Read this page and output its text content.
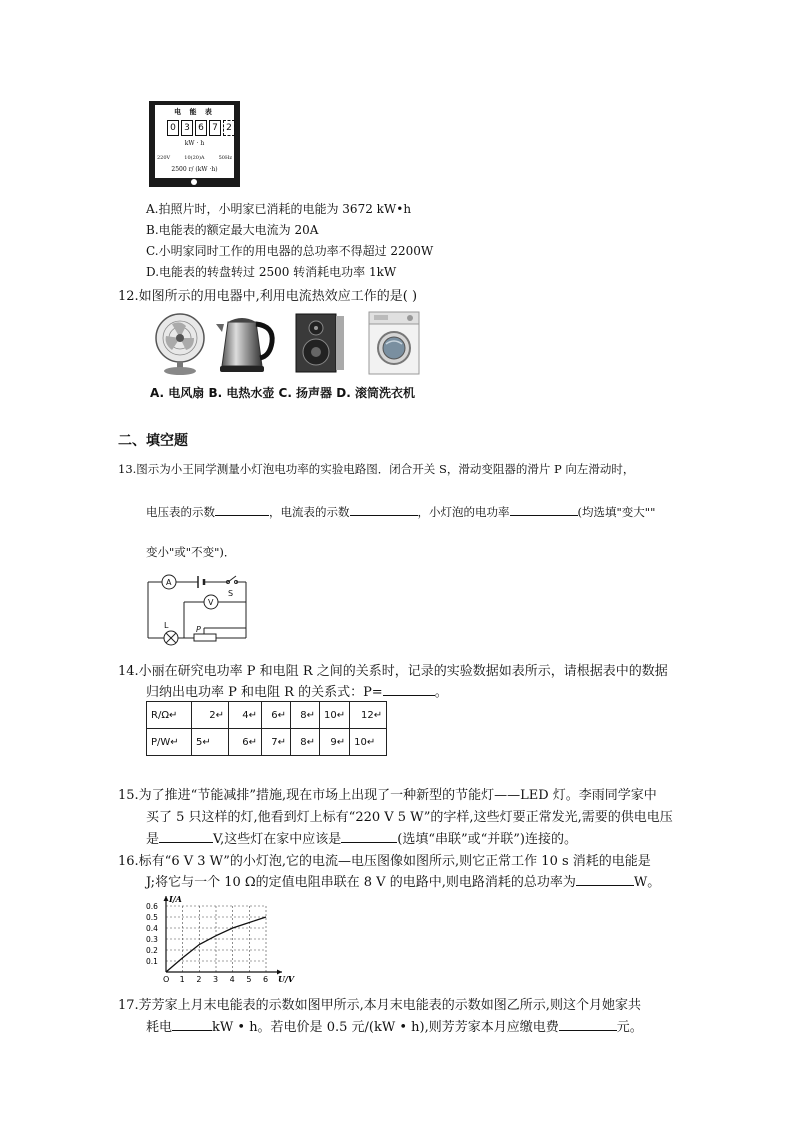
电 能 表
0 3 6 7 2
kW · h
220V	10(20)A	50Hz
2500 r/ (kW ·h)
A.拍照片时，小明家已消耗的电能为 3672 kW•h
B.电能表的额定最大电流为 20A
C.小明家同时工作的用电器的总功率不得超过 2200W
D.电能表的转盘转过 2500 转消耗电功率 1kW
12.如图所示的用电器中,利用电流热效应工作的是( )
A. 电风扇 B. 电热水壶 C. 扬声器 D. 滚筒洗衣机
二、填空题
13.图示为小王同学测量小灯泡电功率的实验电路图．闭合开关 S，滑动变阻器的滑片 P 向左滑动时，
电压表的示数	，电流表的示数	，小灯泡的电功率	(均选填"变大""
变小"或"不变")．
A
V
S
L	P
14.小丽在研究电功率 P 和电阻 R 之间的关系时，记录的实验数据如表所示，请根据表中的数据
归纳出电功率 P 和电阻 R 的关系式：P=	。
R/Ω↵	2↵	4↵	6↵	8↵	10↵	12↵
P/W↵	5↵	6↵	7↵	8↵	9↵	10↵
15.为了推进“节能减排”措施,现在市场上出现了一种新型的节能灯——LED 灯。李雨同学家中
买了 5 只这样的灯,他看到灯上标有“220 V 5 W”的字样,这些灯要正常发光,需要的供电电压
是	V,这些灯在家中应该是	(选填“串联”或“并联”)连接的。
16.标有“6 V 3 W”的小灯泡,它的电流—电压图像如图所示,则它正常工作 10 s 消耗的电能是
J;将它与一个 10 Ω的定值电阻串联在 8 V 的电路中,则电路消耗的总功率为	W。
O 1 2 3 4 5 6
0.1
0.2
0.3
0.4
0.5
0.6
U/V
I/A
17.芳芳家上月末电能表的示数如图甲所示,本月末电能表的示数如图乙所示,则这个月她家共
耗电	kW • h。若电价是 0.5 元/(kW • h),则芳芳家本月应缴电费	元。
